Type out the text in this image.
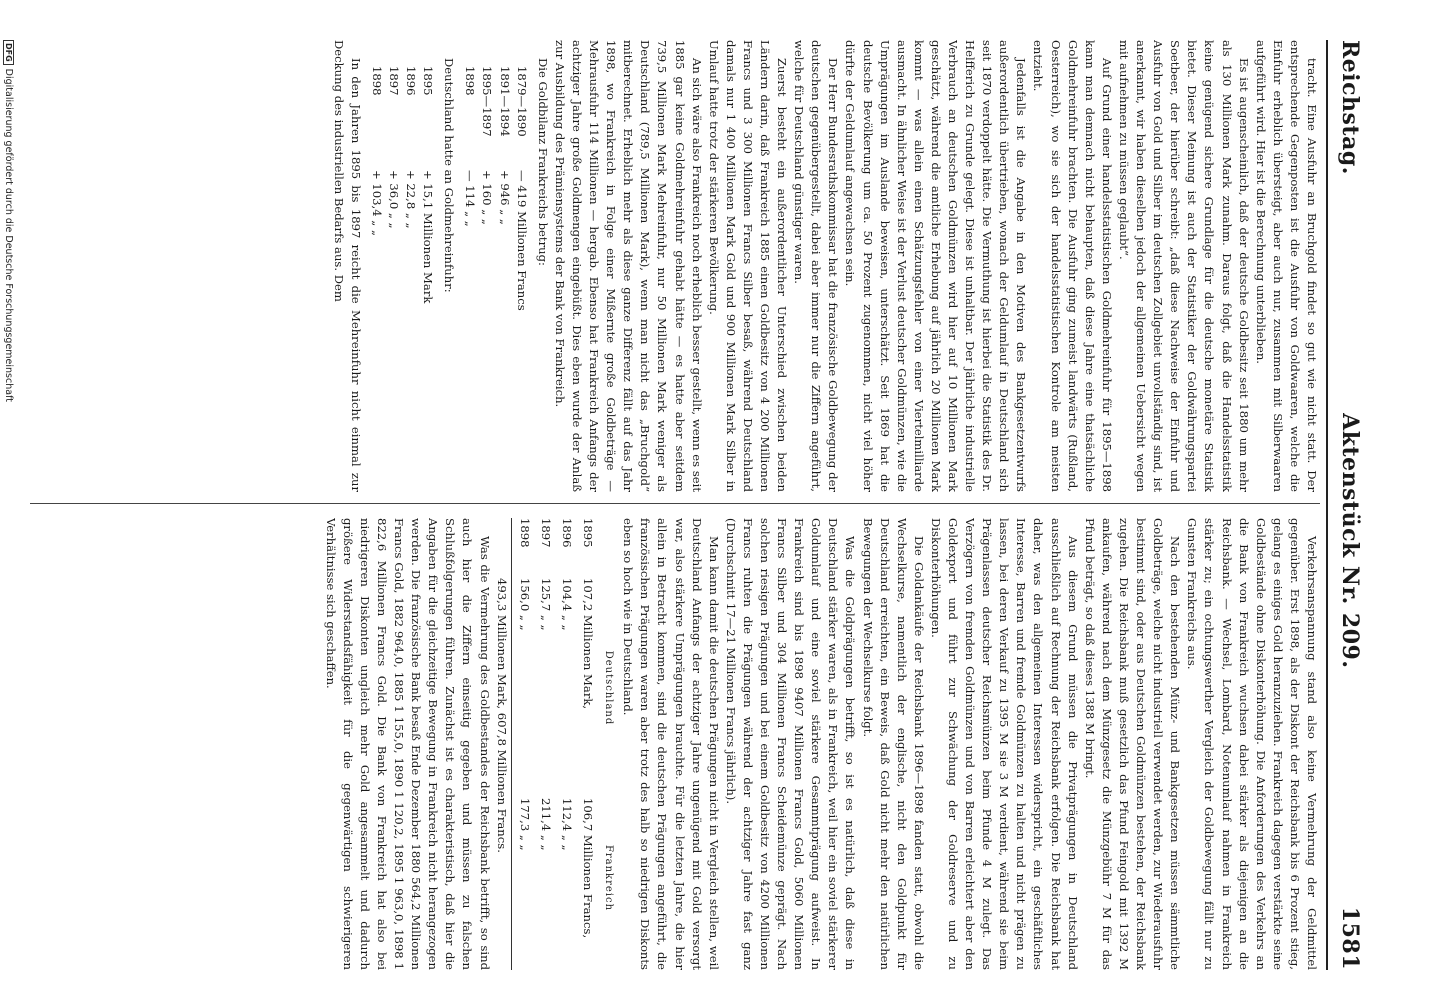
Reichstag.
Aktenstück Nr. 209.
1581

tracht. Eine Ausfuhr an Bruchgold findet so gut wie nicht statt. Der entsprechende Gegenposten ist die Ausfuhr von Goldwaaren, welche die Einfuhr erheblich übersteigt, aber auch nur, zusammen mit Silberwaaren aufgeführt wird. Hier ist die Berechnung unterblieben.

Es ist augenscheinlich, daß der deutsche Goldbesitz seit 1880 um mehr als 130 Millionen Mark zunahm. Daraus folgt, daß die Handelsstatistik keine genügend sichere Grundlage für die deutsche monetäre Statistik bietet. Dieser Meinung ist auch der Statistiker der Goldwährungspartei Soetbeer, der hierüber schreibt: „daß diese Nachweise der Einfuhr und Ausfuhr von Gold und Silber im deutschen Zollgebiet unvollständig sind, ist anerkannt, wir haben dieselben jedoch der allgemeinen Uebersicht wegen mit aufnehmen zu müssen geglaubt“.

Auf Grund einer handelsstatistischen Goldmehreinfuhr für 1895—1898 kann man demnach nicht behaupten, daß diese Jahre eine thatsächliche Goldmehreinfuhr brachten. Die Ausfuhr ging zumeist landwärts (Rußland, Oesterreich), wo sie sich der handelsstatistischen Kontrole am meisten entzieht.

Jedenfalls ist die Angabe in den Motiven des Bankgesetzentwurfs außerordentlich übertrieben, wonach der Geldumlauf in Deutschland sich seit 1870 verdoppelt hätte. Die Vermuthung ist hierbei die Statistik des Dr. Helfferich zu Grunde gelegt. Diese ist unhaltbar. Der jährliche industrielle Verbrauch an deutschen Goldmünzen wird hier auf 10 Millionen Mark geschätzt, während die amtliche Erhebung auf jährlich 20 Millionen Mark kommt — was allein einen Schätzungsfehler von einer Viertelmilliarde ausmacht. In ähnlicher Weise ist der Verlust deutscher Goldmünzen, wie die Umprägungen im Auslande beweisen, unterschätzt. Seit 1869 hat die deutsche Bevölkerung um ca. 50 Prozent zugenommen, nicht viel höher dürfte der Geldumlauf angewachsen sein.

Der Herr Bundesrathskommissar hat die französische Goldbewegung der deutschen gegenübergestellt, dabei aber immer nur die Ziffern angeführt, welche für Deutschland günstiger waren.

Zuerst besteht ein außerordentlicher Unterschied zwischen beiden Ländern darin, daß Frankreich 1885 einen Goldbesitz von 4 200 Millionen Francs und 3 300 Millionen Francs Silber besaß, während Deutschland damals nur 1 400 Millionen Mark Gold und 900 Millionen Mark Silber in Umlauf hatte trotz der stärkeren Bevölkerung.

An sich wäre also Frankreich noch erheblich besser gestellt, wenn es seit 1885 gar keine Goldmehreinfuhr gehabt hätte — es hatte aber seitdem 739,5 Millionen Mark Mehreinfuhr, nur 50 Millionen Mark weniger als Deutschland (789,5 Millionen Mark), wenn man nicht das „Bruchgold“ mitberechnet. Erheblich mehr als diese ganze Differenz fällt auf das Jahr 1898, wo Frankreich in Folge einer Mißernte große Goldbeträge — Mehrausfuhr 114 Millionen — hergab. Ebenso hat Frankreich Anfangs der achtziger Jahre große Goldmengen eingebüßt. Dies eben wurde der Anlaß zur Ausbildung des Prämiensystems der Bank von Frankreich.

Die Goldbilanz Frankreichs betrug:

1879—1890
— 419 Millionen Francs
1891—1894
+ 946 „ „
1895—1897
+ 160 „ „
1898
— 114 „ „

Deutschland hatte an Goldmehreinfuhr:

1895
+ 15,1 Millionen Mark
1896
+ 22,8 „ „
1897
+ 36,0 „ „
1898
+ 103,4 „ „

In den Jahren 1895 bis 1897 reicht die Mehreinfuhr nicht einmal zur Deckung des industriellen Bedarfs aus. Dem

Verkehrsanspannung stand also keine Vermehrung der Geldmittel gegenüber. Erst 1898, als der Diskont der Reichsbank bis 6 Prozent stieg, gelang es einiges Gold heranzuziehen. Frankreich dagegen verstärkte seine Goldbestände ohne Diskonterhöhung. Die Anforderungen des Verkehrs an die Bank von Frankreich wuchsen dabei stärker als diejenigen an die Reichsbank. — Wechsel, Lombard, Notenumlauf nahmen in Frankreich stärker zu; ein ochtungswerther Vergleich der Goldbewegung fällt nur zu Gunsten Frankreichs aus.

Nach den bestehenden Münz- und Bankgesetzen müssen sämmtliche Goldbeträge, welche nicht industriell verwendet werden, zur Wiederausfuhr bestimmt sind, oder aus Deutschen Goldmünzen bestehen, der Reichsbank zugehen. Die Reichsbank muß gesetzlich das Pfund Feingold mit 1392 M ankaufen, während nach dem Münzgesetz die Münzgebühr 7 M für das Pfund beträgt, so daß dieses 1388 M bringt.

Aus diesem Grund müssen die Privatprägungen in Deutschland ausschließlich auf Rechnung der Reichsbank erfolgen. Die Reichsbank hat daher, was den allgemeinen Interessen widerspricht, ein geschäftliches Interesse, Barren und fremde Goldmünzen zu halten und nicht prägen zu lassen, bei deren Verkauf zu 1395 M sie 3 M verdient, während sie beim Prägenlassen deutscher Reichsmünzen beim Pfunde 4 M zulegt. Das Verzögern von fremden Goldmünzen und von Barren erleichtert aber den Goldexport und führt zur Schwächung der Goldreserve und zu Diskonterhöhungen.

Die Goldankäufe der Reichsbank 1896—1898 fanden statt, obwohl die Wechselkurse, namentlich der englische, nicht den Goldpunkt für Deutschland erreichten, ein Beweis, daß Gold nicht mehr den natürlichen Bewegungen der Wechselkurse folgt.

Was die Goldprägungen betrifft, so ist es natürlich, daß diese in Deutschland stärker waren, als in Frankreich, weil hier ein soviel stärkerer Goldumlauf und eine soviel stärkere Gesammtprägung aufweist. In Frankreich sind bis 1898 9407 Millionen Francs Gold, 5060 Millionen Francs Silber und 304 Millionen Francs Scheidemünze geprägt. Nach solchen riesigen Prägungen und bei einem Goldbesitz von 4200 Millionen Francs ruhten die Prägungen während der achtziger Jahre fast ganz (Durchschnitt 17—21 Millionen Francs jährlich).

Man kann damit die deutschen Prägungen nicht in Vergleich stellen, weil Deutschland Anfangs der achtziger Jahre ungenügend mit Gold versorgt war, also stärkere Umprägungen brauchte. Für die letzten Jahre, die hier allein in Betracht kommen, sind die deutschen Prägungen angeführt, die französischen Prägungen waren aber trotz des halb so niedrigen Diskonts eben so hoch wie in Deutschland.

Deutschland
Frankreich
1895
107,2 Millionen Mark,
106,7 Millionen Francs,
1896
104,4 „ „
112,4 „ „
1897
125,7 „ „
211,4 „ „
1898
156,0 „ „
177,3 „ „
493,3 Millionen Mark, 607,8 Millionen Francs.

Was die Vermehrung des Goldbestandes der Reichsbank betrifft, so sind auch hier die Ziffern einseitig gegeben und müssen zu falschen Schlußfolgerungen führen. Zunächst ist es charakteristisch, daß hier die Angaben für die gleichzeitige Bewegung in Frankreich nicht herangezogen werden. Die französische Bank besaß Ende Dezember 1880 564,2 Millionen Francs Gold, 1882 964,0, 1885 1 155,0, 1890 1 120,2, 1895 1 963,0, 1898 1 822,6 Millionen Francs Gold. Die Bank von Frankreich hat also bei niedrigeren Diskonten ungleich mehr Gold angesammelt und dadurch größere Widerstandsfähigkeit für die gegenwärtigen schwierigeren Verhältnisse sich geschaffen.

DFGDigitalisierung gefördert durch die Deutsche Forschungsgemeinschaft
